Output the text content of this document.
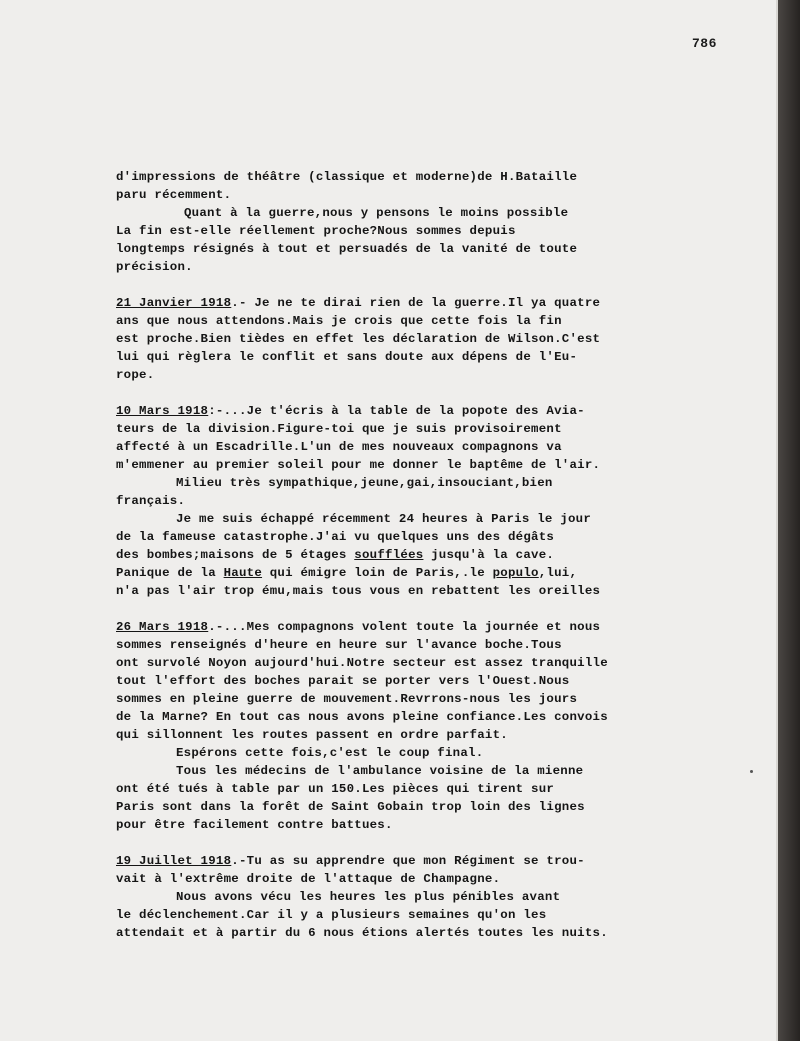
786
d'impressions de théâtre (classique et moderne)de H.Bataille
paru récemment.
Quant à la guerre,nous y pensons le moins possible
La fin est-elle réellement proche?Nous sommes depuis
longtemps résignés à tout et persuadés de la vanité de toute
précision.
21 Janvier 1918.- Je ne te dirai rien de la guerre.Il ya quatre
ans que nous attendons.Mais je crois que cette fois la fin
est proche.Bien tièdes en effet les déclaration de Wilson.C'est
lui qui règlera le conflit et sans doute aux dépens de l'Eu-
rope.
10 Mars 1918:-...Je t'écris à la table de la popote des Avia-
teurs de la division.Figure-toi que je suis provisoirement
affecté à un Escadrille.L'un de mes nouveaux compagnons va
m'emmener au premier soleil pour me donner le baptême de l'air.
Milieu très sympathique,jeune,gai,insouciant,bien
français.
Je me suis échappé récemment 24 heures à Paris le jour
de la fameuse catastrophe.J'ai vu quelques uns des dégâts
des bombes;maisons de 5 étages soufflées jusqu'à la cave.
Panique de la Haute qui émigre loin de Paris,.le populo,lui,
n'a pas l'air trop ému,mais tous vous en rebattent les oreilles
26 Mars 1918.-...Mes compagnons volent toute la journée et nous
sommes renseignés d'heure en heure sur l'avance boche.Tous
ont survolé Noyon aujourd'hui.Notre secteur est assez tranquille
tout l'effort des boches parait se porter vers l'Ouest.Nous
sommes en pleine guerre de mouvement.Revrrons-nous les jours
de la Marne? En tout cas nous avons pleine confiance.Les convois
qui sillonnent les routes passent en ordre parfait.
Espérons cette fois,c'est le coup final.
Tous les médecins de l'ambulance voisine de la mienne
ont été tués à table par un 150.Les pièces qui tirent sur
Paris sont dans la forêt de Saint Gobain trop loin des lignes
pour être facilement contre battues.
19 Juillet 1918.-Tu as su apprendre que mon Régiment se trou-
vait à l'extrême droite de l'attaque de Champagne.
Nous avons vécu les heures les plus pénibles avant
le déclenchement.Car il y a plusieurs semaines qu'on les
attendait et à partir du 6 nous étions alertés toutes les nuits.
